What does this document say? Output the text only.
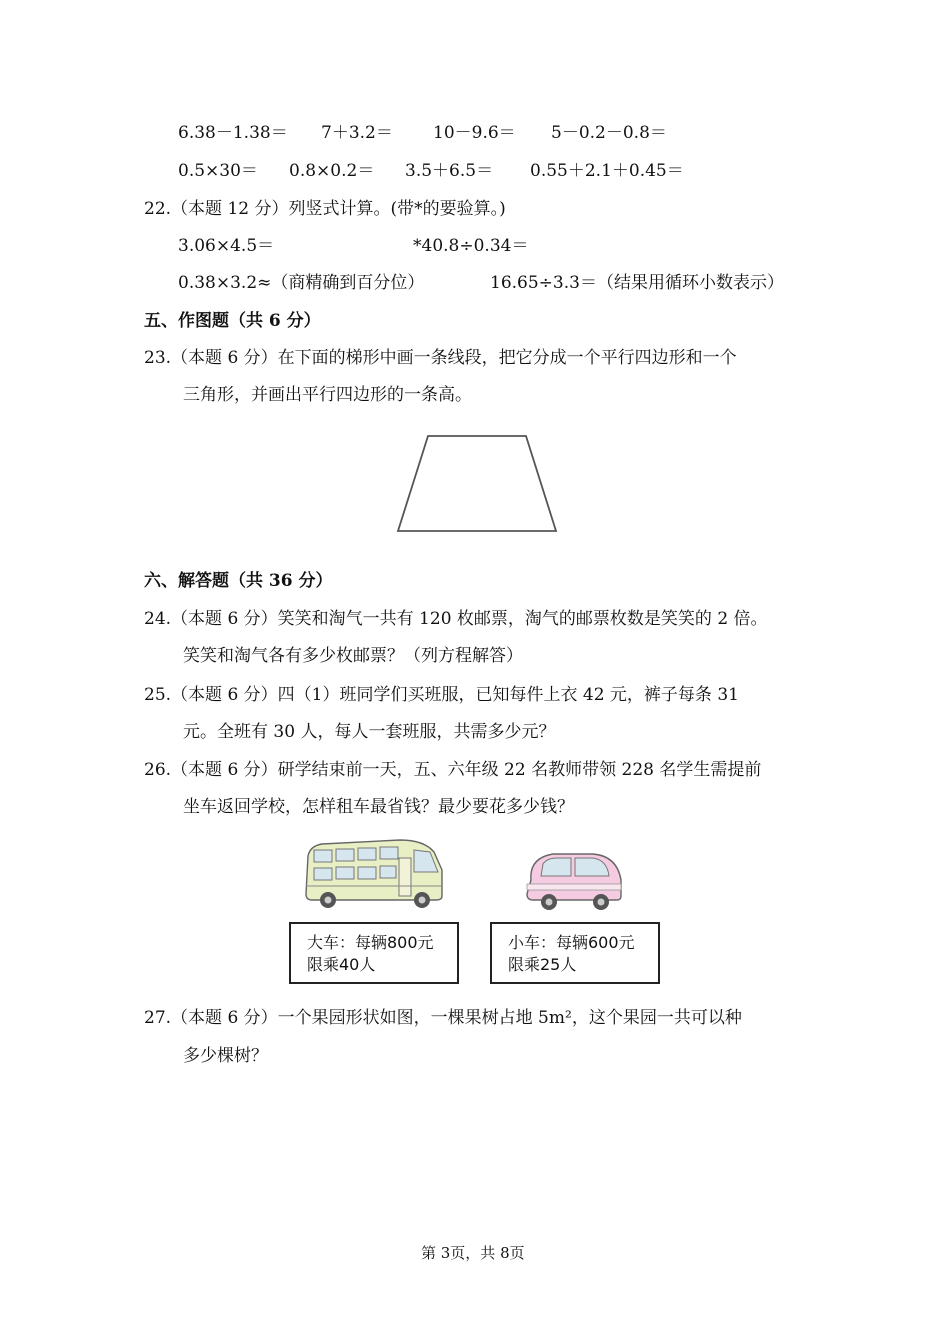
6.38－1.38＝ 7＋3.2＝ 10－9.6＝ 5－0.2－0.8＝
0.5×30＝ 0.8×0.2＝ 3.5＋6.5＝ 0.55＋2.1＋0.45＝
22.（本题 12 分）列竖式计算。(带*的要验算。)
3.06×4.5＝	*40.8÷0.34＝
0.38×3.2≈（商精确到百分位）	16.65÷3.3＝（结果用循环小数表示）
五、作图题（共 6 分）
23.（本题 6 分）在下面的梯形中画一条线段，把它分成一个平行四边形和一个
三角形，并画出平行四边形的一条高。
六、解答题（共 36 分）
24.（本题 6 分）笑笑和淘气一共有 120 枚邮票，淘气的邮票枚数是笑笑的 2 倍。
笑笑和淘气各有多少枚邮票？（列方程解答）
25.（本题 6 分）四（1）班同学们买班服，已知每件上衣 42 元，裤子每条 31
元。全班有 30 人，每人一套班服，共需多少元？
26.（本题 6 分）研学结束前一天，五、六年级 22 名教师带领 228 名学生需提前
坐车返回学校，怎样租车最省钱？最少要花多少钱？
大车：每辆800元
限乘40人
小车：每辆600元
限乘25人
27.（本题 6 分）一个果园形状如图，一棵果树占地 5m²，这个果园一共可以种
多少棵树？
第 3页，共 8页
